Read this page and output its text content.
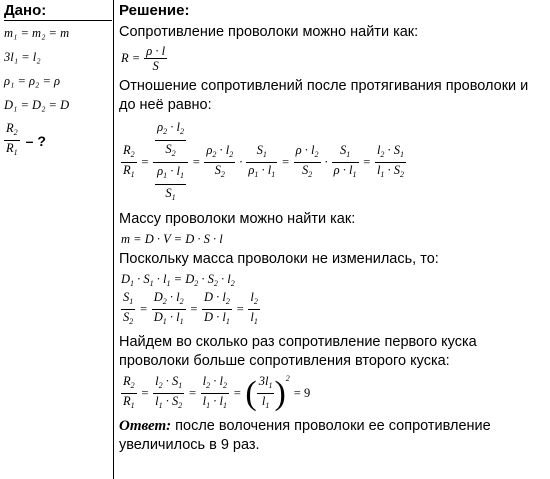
Дано:
m₁ = m₂ = m
3l₁ = l₂
ρ₁ = ρ₂ = ρ
D₁ = D₂ = D
$\frac{R_2}{R_1}$ – ?
Решение:
Сопротивление проволоки можно найти как:
$R = \frac{\rho \cdot l}{S}$
Отношение сопротивлений после протягивания проволоки и до неё равно:
$\frac{R_2}{R_1} = \frac{\frac{\rho_2 \cdot l_2}{S_2}}{\frac{\rho_1 \cdot l_1}{S_1}} = \frac{\rho_2 \cdot l_2}{S_2} \cdot \frac{S_1}{\rho_1 \cdot l_1} = \frac{\rho \cdot l_2}{S_2} \cdot \frac{S_1}{\rho \cdot l_1} = \frac{l_2 \cdot S_1}{l_1 \cdot S_2}$
Массу проволоки можно найти как:
m = D · V = D · S · l
Поскольку масса проволоки не изменилась, то:
$D_1 \cdot S_1 \cdot l_1 = D_2 \cdot S_2 \cdot l_2$
$\frac{S_1}{S_2} = \frac{D_2 \cdot l_2}{D_1 \cdot l_1} = \frac{D \cdot l_2}{D \cdot l_1} = \frac{l_2}{l_1}$
Найдем во сколько раз сопротивление первого куска проволоки больше сопротивления второго куска:
$\frac{R_2}{R_1} = \frac{l_2 \cdot S_1}{l_1 \cdot S_2} = \frac{l_2 \cdot l_2}{l_1 \cdot l_1}$ = ( $\frac{3l_1}{l_1} )^2$
= 9
Ответ: после волочения проволоки ее сопротивление увеличилось в 9 раз.
